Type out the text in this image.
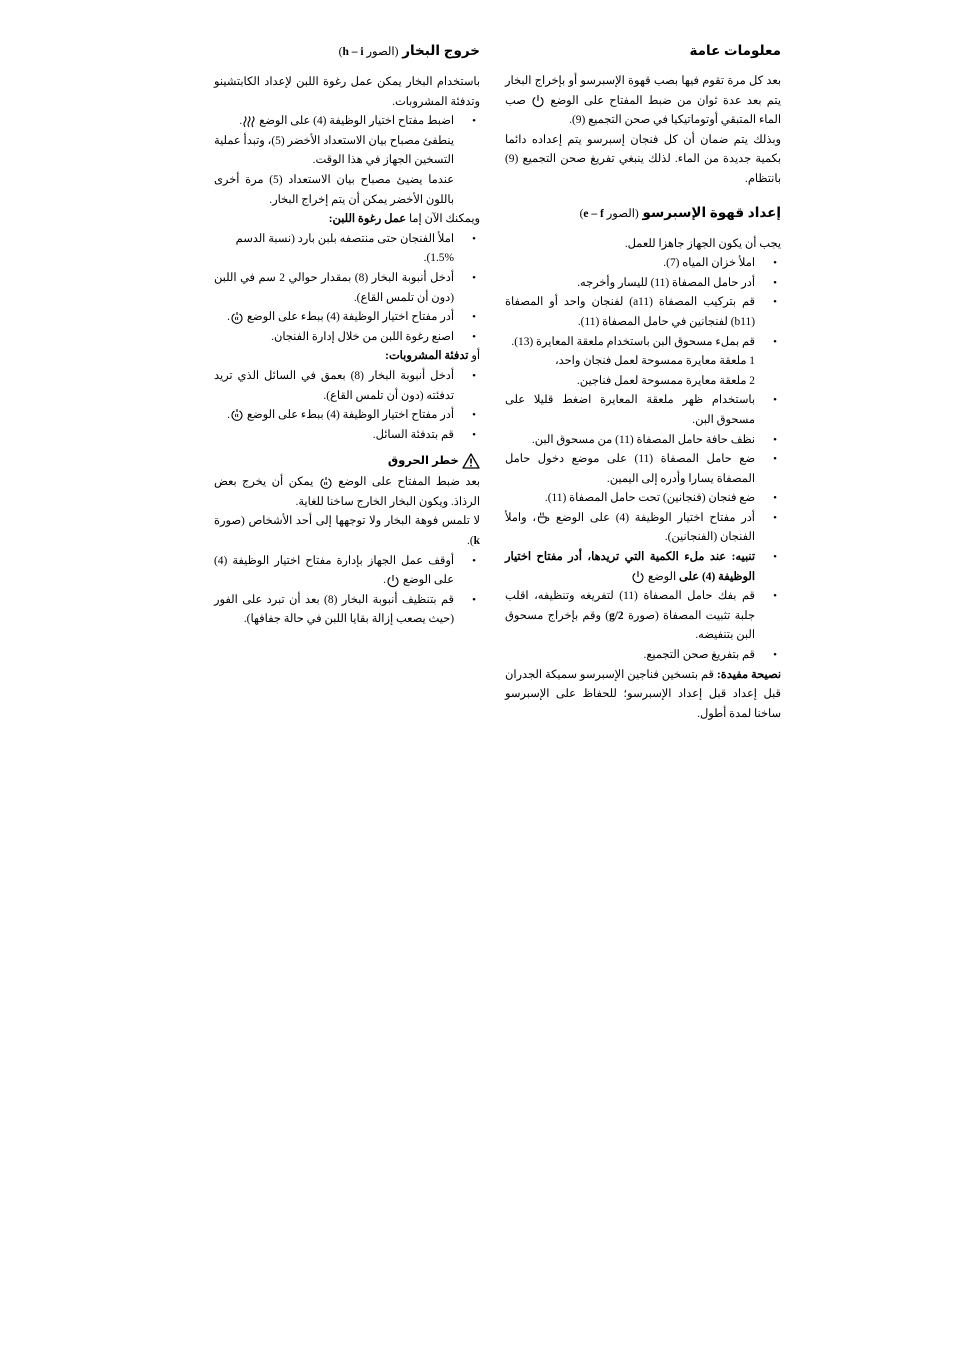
معلومات عامة

بعد كل مرة تقوم فيها بصب قهوة الإسبرسو أو بإخراج البخار يتم بعد عدة ثوان من ضبط المفتاح على الوضع
صب الماء المتبقي أوتوماتيكيا في صحن التجميع (9).

وبذلك يتم ضمان أن كل فنجان إسبرسو يتم إعداده دائما بكمية جديدة من الماء. لذلك ينبغي تفريغ صحن التجميع (9) بانتظام.

إعداد قهوة الإسبرسو (الصور e – f)

يجب أن يكون الجهاز جاهزا للعمل.

• املأ خزان المياه (7).
• أدر حامل المصفاة (11) لليسار وأخرجه.
• قم بتركيب المصفاة (a11) لفنجان واحد أو المصفاة (b11) لفنجانين في حامل المصفاة (11).
• قم بملء مسحوق البن باستخدام ملعقة المعايرة (13).
1 ملعقة معايرة ممسوحة لعمل فنجان واحد،
2 ملعقة معايرة ممسوحة لعمل فناجين.
• باستخدام ظهر ملعقة المعايرة اضغط قليلا على مسحوق البن.
• نظف حافة حامل المصفاة (11) من مسحوق البن.
• ضع حامل المصفاة (11) على موضع دخول حامل المصفاة يسارا وأدره إلى اليمين.
• ضع فنجان (فنجانين) تحت حامل المصفاة (11).
• أدر مفتاح اختيار الوظيفة (4) على الوضع
، واملأ الفنجان (الفنجانين).
• تنبيه: عند ملء الكمية التي تريدها، أدر مفتاح اختيار الوظيفة (4) على الوضع
• قم بفك حامل المصفاة (11) لتفريغه وتنظيفه، اقلب جلبة تثبيت المصفاة (صورة g/2) وقم بإخراج مسحوق البن بتنفيضه.
• قم بتفريغ صحن التجميع.

نصيحة مفيدة: قم بتسخين فناجين الإسبرسو سميكة الجدران قبل إعداد قبل إعداد الإسبرسو؛ للحفاظ على الإسبرسو ساخنا لمدة أطول.

خروج البخار (الصور h – i)

باستخدام البخار يمكن عمل رغوة اللبن لإعداد الكابتشينو وتدفئة المشروبات.

• اضبط مفتاح اختيار الوظيفة (4) على الوضع
.
ينطفئ مصباح بيان الاستعداد الأخضر (5)، وتبدأ عملية التسخين الجهاز في هذا الوقت.
عندما يضيئ مصباح بيان الاستعداد (5) مرة أخرى باللون الأخضر يمكن أن يتم إخراج البخار.

ويمكنك الآن إما عمل رغوة اللبن:

• املأ الفنجان حتى منتصفه بلبن بارد (نسبة الدسم
1.5%).
• أدخل أنبوبة البخار (8) بمقدار حوالي 2 سم في اللبن (دون أن تلمس القاع).
• أدر مفتاح اختيار الوظيفة (4) ببطء على الوضع
.
• اصنع رغوة اللبن من خلال إدارة الفنجان.

أو تدفئة المشروبات:

• أدخل أنبوبة البخار (8) بعمق في السائل الذي تريد تدفئته (دون أن تلمس القاع).
• أدر مفتاح اختيار الوظيفة (4) ببطء على الوضع
.
• قم بتدفئة السائل.
خطر الحروق

بعد ضبط المفتاح على الوضع
يمكن أن يخرج بعض الرذاذ. ويكون البخار الخارج ساخنا للغاية.

لا تلمس فوهة البخار ولا توجهها إلى أحد الأشخاص (صورة k).

• أوقف عمل الجهاز بإدارة مفتاح اختيار الوظيفة (4) على الوضع
.
• قم بتنظيف أنبوبة البخار (8) بعد أن تبرد على الفور (حيث يصعب إزالة بقايا اللبن في حالة جفافها).
